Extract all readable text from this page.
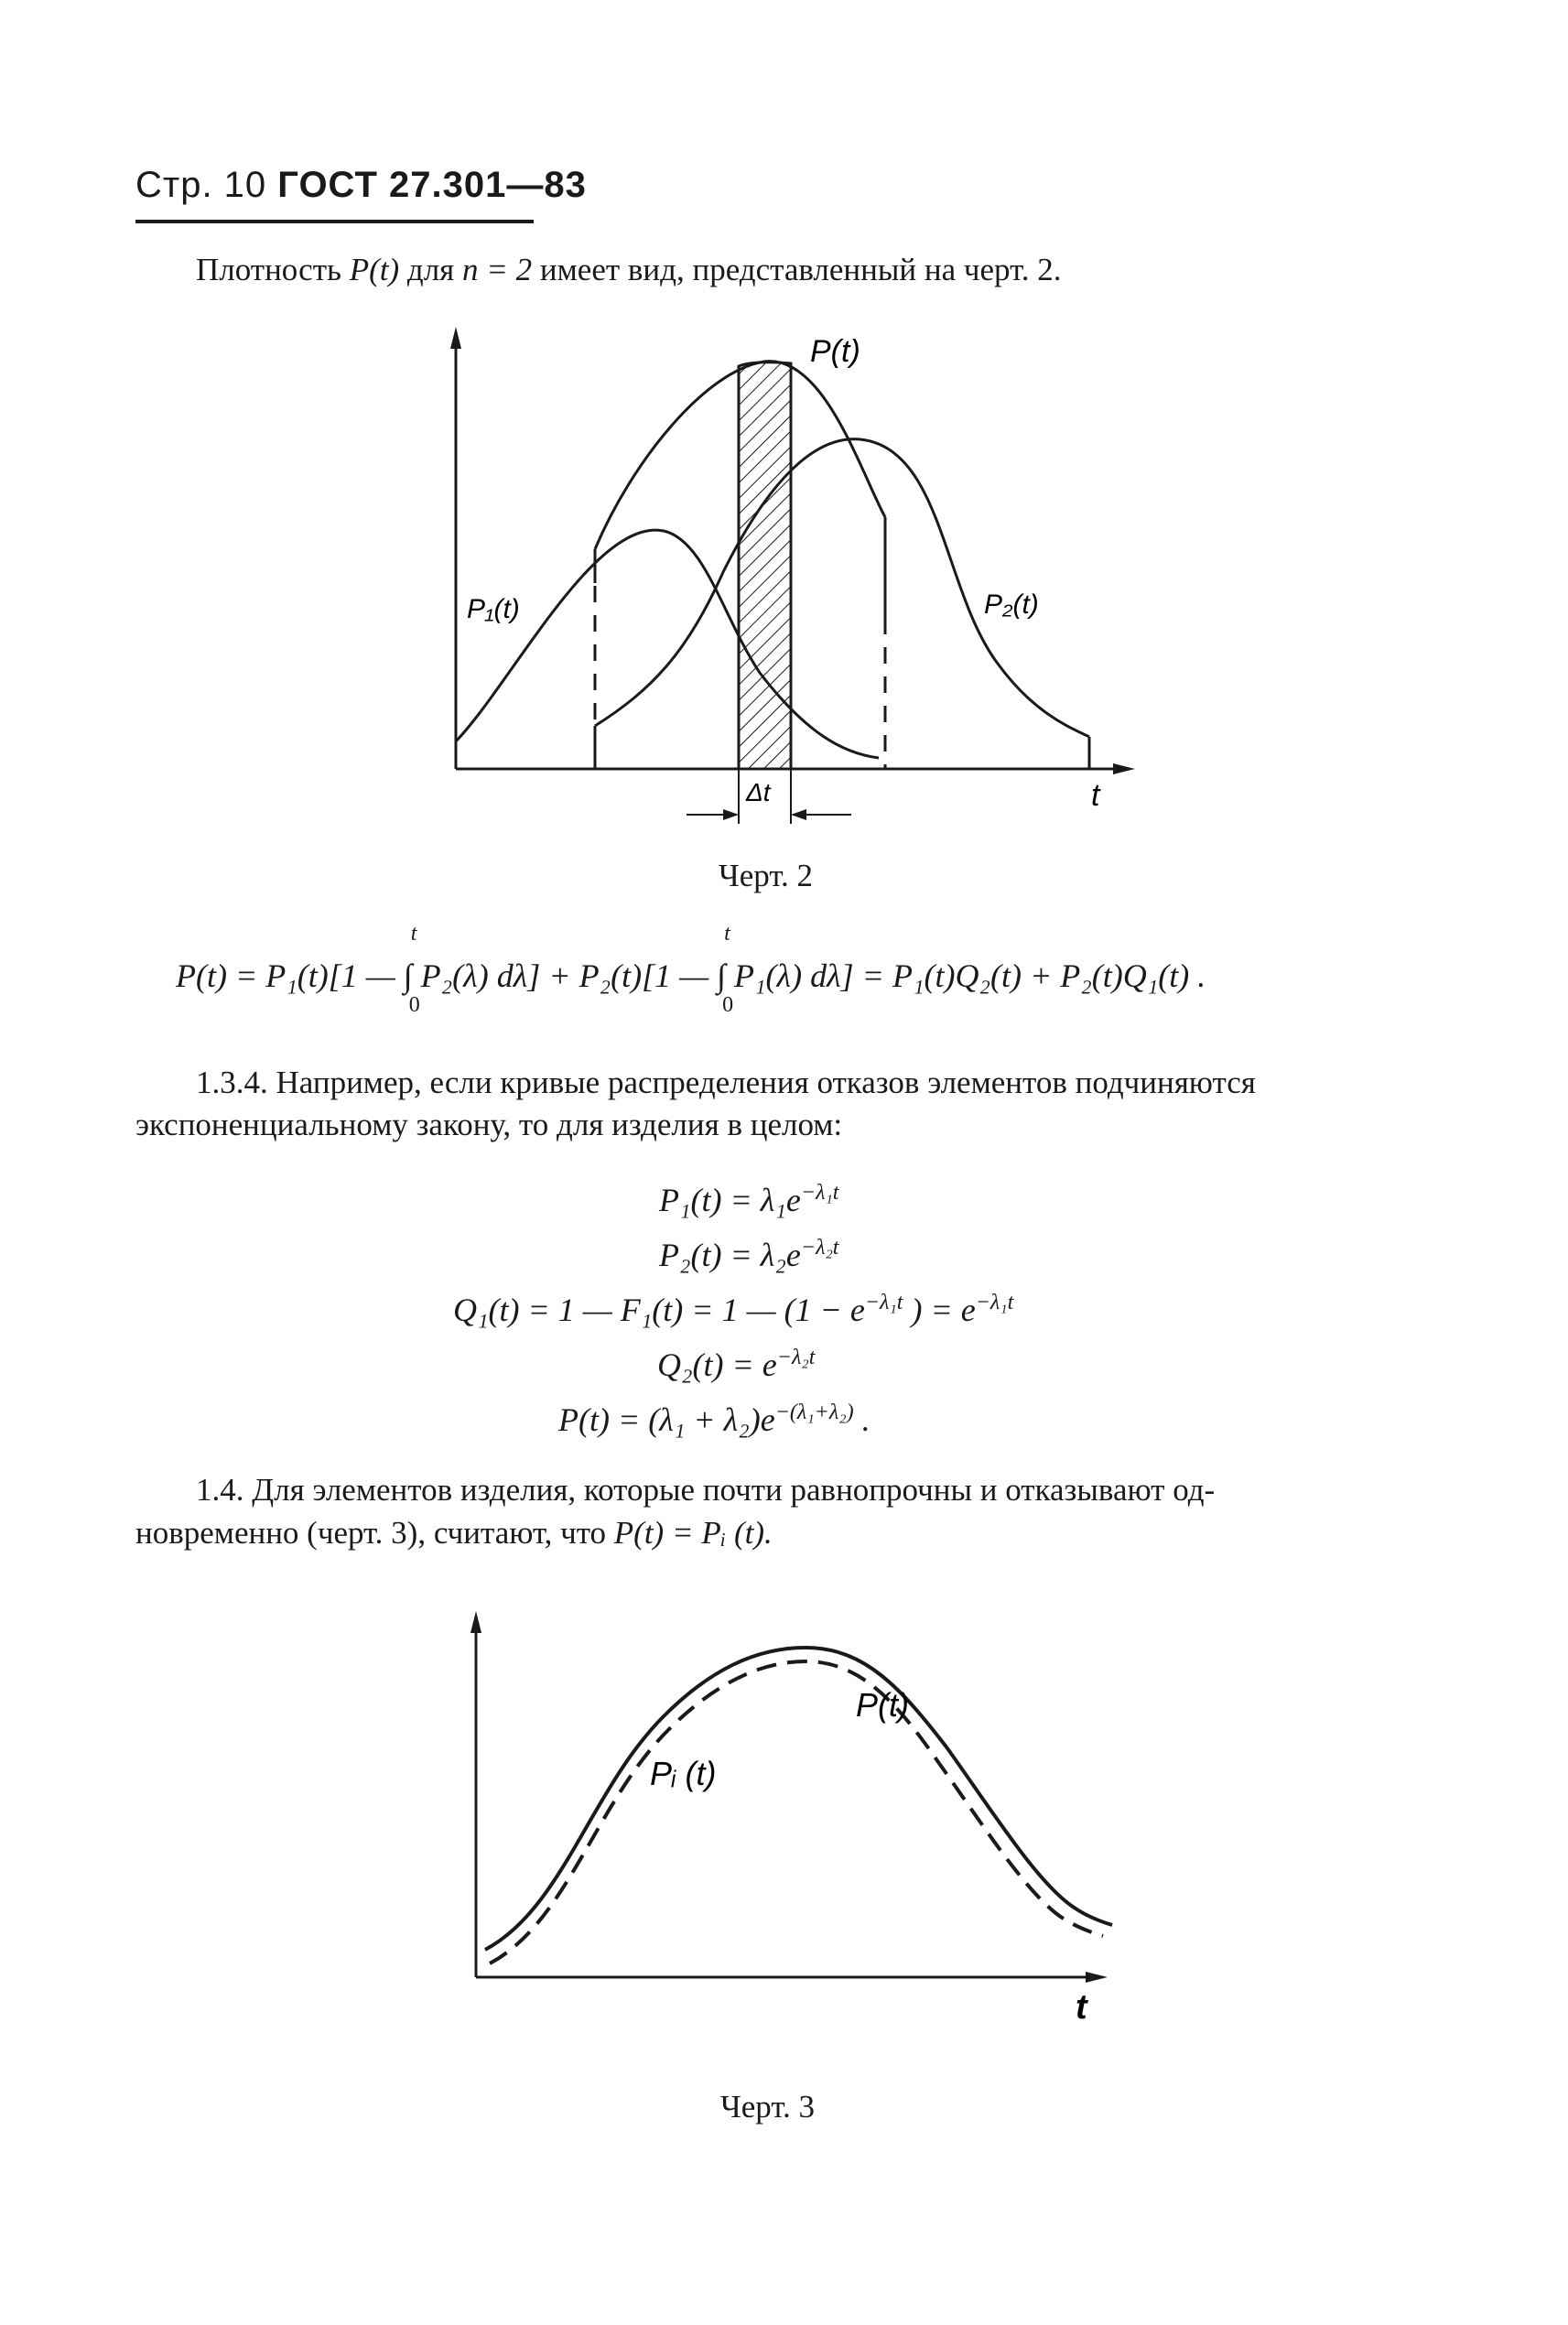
Стр. 10 ГОСТ 27.301—83
Плотность P(t) для n = 2 имеет вид, представленный на черт. 2.
P(t)
P₁(t)	P₂(t)
Δt	t
Черт. 2
P(t) = P₁(t)[1 —
t
∫
0
P₂(λ) dλ] + P₂(t)[1 —
t
∫
0
P₁(λ) dλ] = P₁(t)Q₂(t) + P₂(t)Q₁(t) .
1.3.4. Например, если кривые распределения отказов элементов подчиняются
экспоненциальному закону, то для изделия в целом:
$P_1(t) = \lambda_1e^{-\lambda_1t}$
$P_2(t) = \lambda_2e^{-\lambda_2t}$
Q₁(t) = 1 — F₁(t) = 1 — ($1 - e^{-\lambda_1t}$ ) = $e^{-\lambda_1t}$
$Q_2(t) = e^{-\lambda_2t}$
$P(t) = (\lambda_1 + \lambda_2)e^{-(\lambda_1+\lambda_2)}$ .
1.4. Для элементов изделия, которые почти равнопрочны и отказывают од-
новременно (черт. 3), считают, что P(t) = Pᵢ (t).
P(t)
Pᵢ (t)
t
Черт. 3
